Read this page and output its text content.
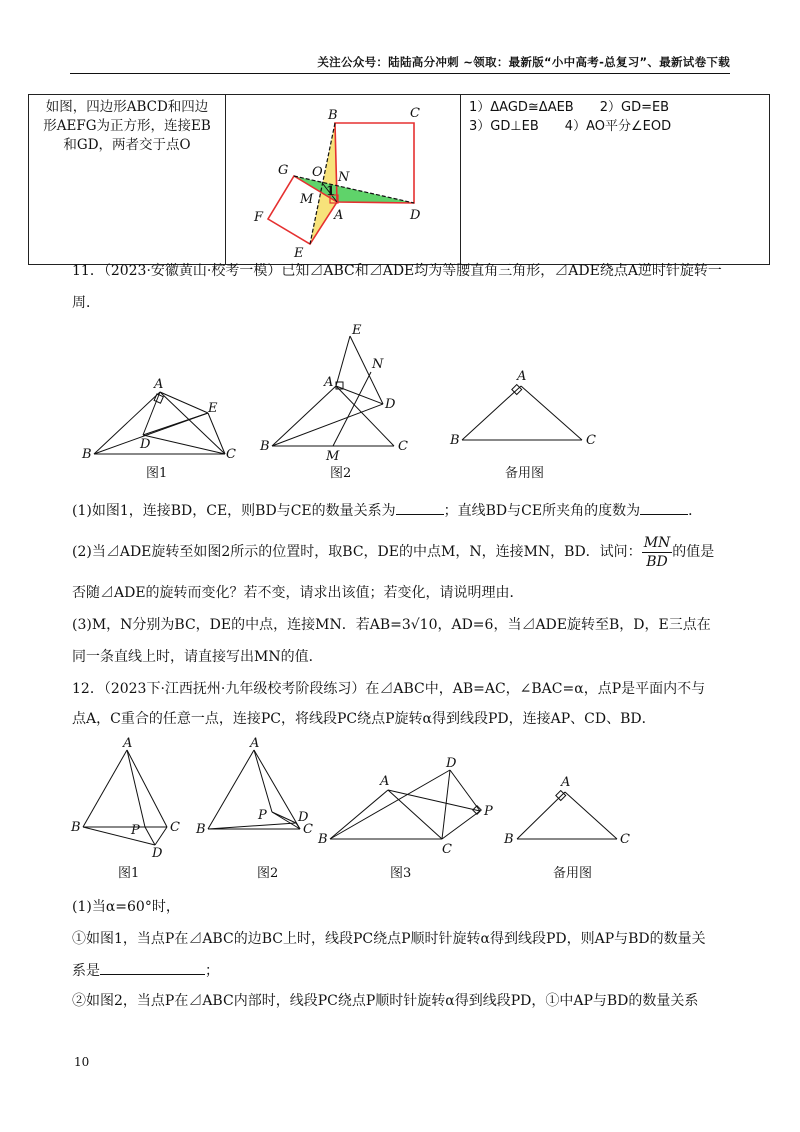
关注公众号：陆陆高分冲刺 ~领取：最新版“小中高考-总复习”、最新试卷下载
如图，四边形ABCD和四边
形AEFG为正方形，连接EB
和GD，两者交于点O

B	C
G O N
M
1
F	A	D
E

1）ΔAGD≅ΔAEB　　2）GD=EB
3）GD⊥EB　　4）AO平分∠EOD
11．（2023·安徽黄山·校考一模）已知⊿ABC和⊿ADE均为等腰直角三角形，⊿ADE绕点A逆时针旋转一
周．
A
B	C
D
E
E
N
A
D
B	C
M
A
B	C
图1	图2	备用图
(1)如图1，连接BD，CE，则BD与CE的数量关系为	；直线BD与CE所夹角的度数为	．
(2)当⊿ADE旋转至如图2所示的位置时，取BC，DE的中点M，N，连接MN，BD．试问： $\frac{MN}{BD}$ 的值是
否随⊿ADE的旋转而变化？若不变，请求出该值；若变化，请说明理由．
(3)M，N分别为BC，DE的中点，连接MN．若AB=3√10，AD=6，当⊿ADE旋转至B，D，E三点在
同一条直线上时，请直接写出MN的值．
12．（2023下·江西抚州·九年级校考阶段练习）在⊿ABC中，AB=AC，∠BAC=α，点P是平面内不与
点A，C重合的任意一点，连接PC，将线段PC绕点P旋转α得到线段PD，连接AP、CD、BD．
A
B	C
P
D
A
B	C
P D
A
B
C
D
P
A
B	C
图1	图2	图3	备用图
(1)当α=60°时，
①如图1，当点P在⊿ABC的边BC上时，线段PC绕点P顺时针旋转α得到线段PD，则AP与BD的数量关
系是	；
②如图2，当点P在⊿ABC内部时，线段PC绕点P顺时针旋转α得到线段PD，①中AP与BD的数量关系
10
